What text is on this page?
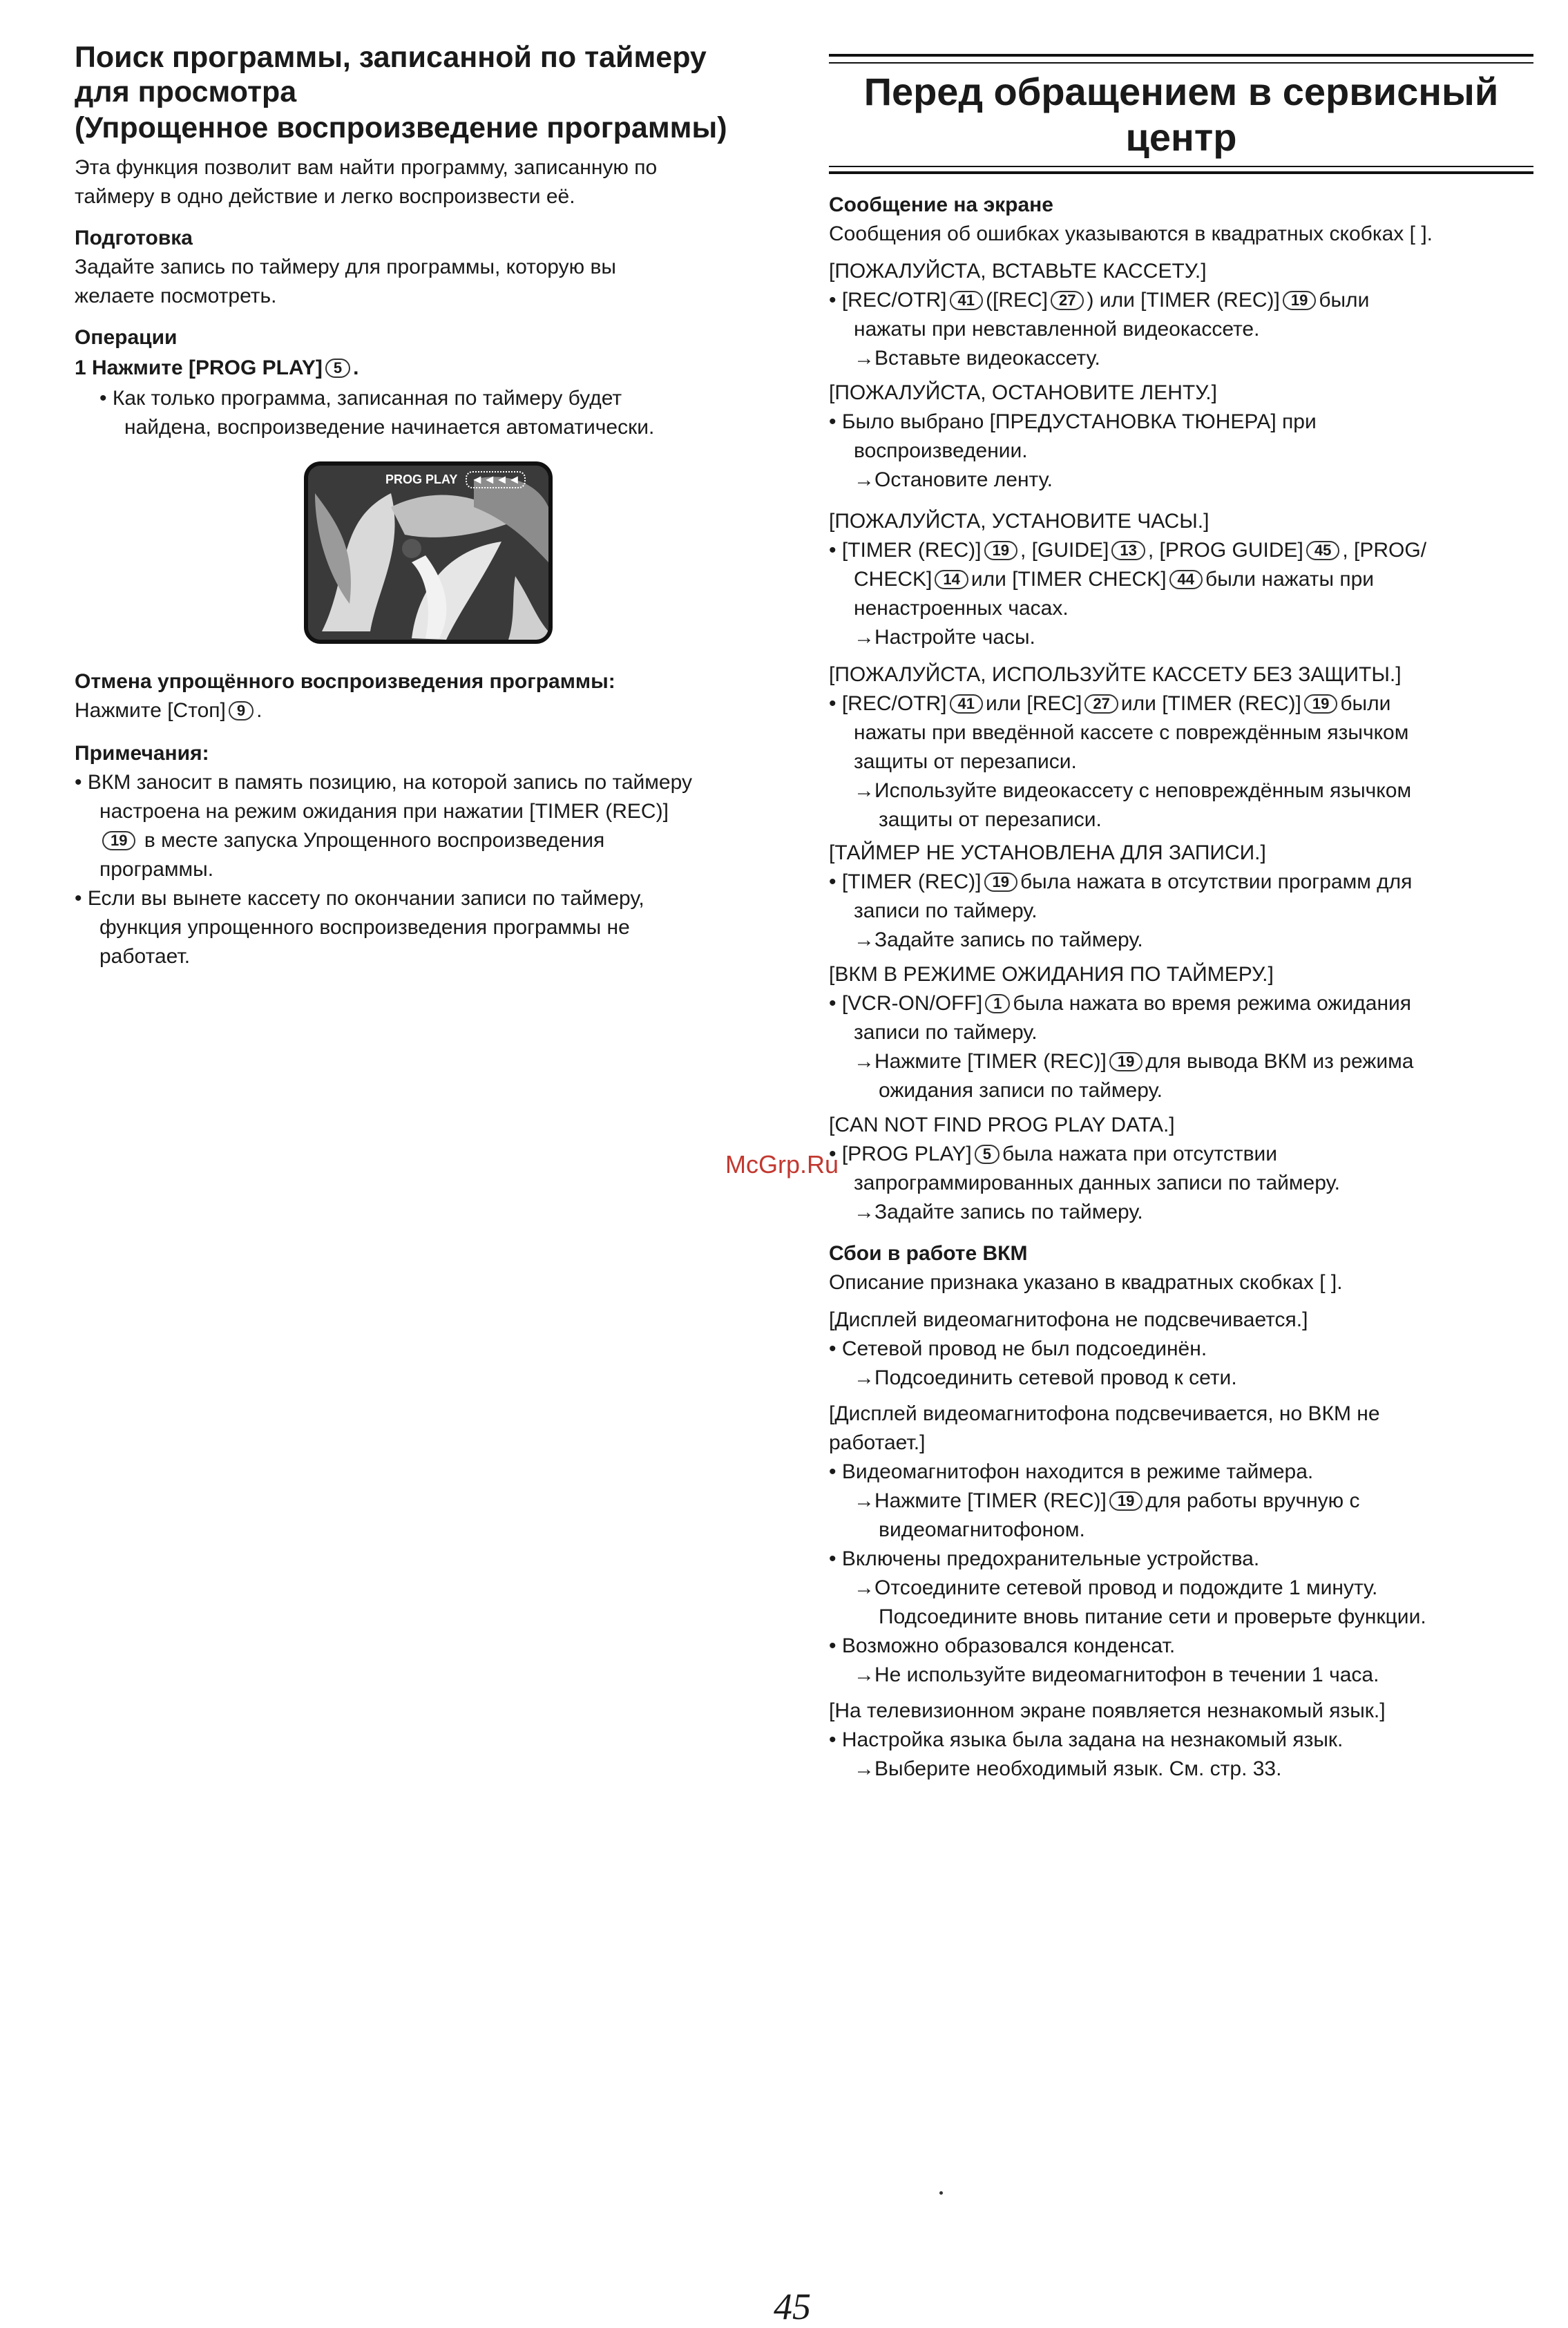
Поиск программы, записанной по таймеру

для просмотра

(Упрощенное воспроизведение программы)

Эта функция позволит вам найти программу, записанную по

таймеру в одно действие и легко воспроизвести её.

Подготовка

Задайте запись по таймеру для программы, которую вы

желаете посмотреть.

Операции

1 Нажмите [PROG PLAY] 5 .

• Как только программа, записанная по таймеру будет

найдена, воспроизведение начинается автоматически.

PROG PLAY	◄◄◄◄

Отмена упрощённого воспроизведения программы:

Нажмите [Стоп] 9 .

Примечания:

• ВКМ заносит в память позицию, на которой запись по таймеру

настроена на режим ожидания при нажатии [TIMER (REC)]

19 в месте запуска Упрощенного воспроизведения

программы.

• Если вы вынете кассету по окончании записи по таймеру,

функция упрощенного воспроизведения программы не

работает.

Перед обращением в сервисный

центр

Сообщение на экране

Сообщения об ошибках указываются в квадратных скобках [ ].

[ПОЖАЛУЙСТА, ВСТАВЬТЕ КАССЕТУ.]

• [REC/OTR] 41 ([REC] 27 ) или [TIMER (REC)] 19 были

нажаты при невставленной видеокассете.

→Вставьте видеокассету.

[ПОЖАЛУЙСТА, ОСТАНОВИТЕ ЛЕНТУ.]

• Было выбрано [ПРЕДУСТАНОВКА ТЮНЕРА] при

воспроизведении.

→Остановите ленту.

[ПОЖАЛУЙСТА, УСТАНОВИТЕ ЧАСЫ.]

• [TIMER (REC)] 19 , [GUIDE] 13 , [PROG GUIDE] 45 , [PROG/

CHECK] 14 или [TIMER CHECK] 44 были нажаты при

ненастроенных часах.

→Настройте часы.

[ПОЖАЛУЙСТА, ИСПОЛЬЗУЙТЕ КАССЕТУ БЕЗ ЗАЩИТЫ.]

• [REC/OTR] 41 или [REC] 27 или [TIMER (REC)] 19 были

нажаты при введённой кассете с повреждённым язычком

защиты от перезаписи.

→Используйте видеокассету с неповреждённым язычком

защиты от перезаписи.

[ТАЙМЕР НЕ УСТАНОВЛЕНА ДЛЯ ЗАПИСИ.]

• [TIMER (REC)] 19 была нажата в отсутствии программ для

записи по таймеру.

→Задайте запись по таймеру.

[ВКМ В РЕЖИМЕ ОЖИДАНИЯ ПО ТАЙМЕРУ.]

• [VCR-ON/OFF] 1 была нажата во время режима ожидания

записи по таймеру.

→Нажмите [TIMER (REC)] 19 для вывода ВКМ из режима

ожидания записи по таймеру.

[CAN NOT FIND PROG PLAY DATA.]

• [PROG PLAY] 5 была нажата при отсутствии

запрограммированных данных записи по таймеру.

→Задайте запись по таймеру.

Сбои в работе ВКМ

Описание признака указано в квадратных скобках [ ].

[Дисплей видеомагнитофона не подсвечивается.]

• Сетевой провод не был подсоединён.

→Подсоединить сетевой провод к сети.

[Дисплей видеомагнитофона подсвечивается, но ВКМ не

работает.]

• Видеомагнитофон находится в режиме таймера.

→Нажмите [TIMER (REC)] 19 для работы вручную с

видеомагнитофоном.

• Включены предохранительные устройства.

→Отсоедините сетевой провод и подождите 1 минуту.

Подсоедините вновь питание сети и проверьте функции.

• Возможно образовался конденсат.

→Не используйте видеомагнитофон в течении 1 часа.

[На телевизионном экране появляется незнакомый язык.]

• Настройка языка была задана на незнакомый язык.

→Выберите необходимый язык. См. стр. 33.

McGrp.Ru
45
